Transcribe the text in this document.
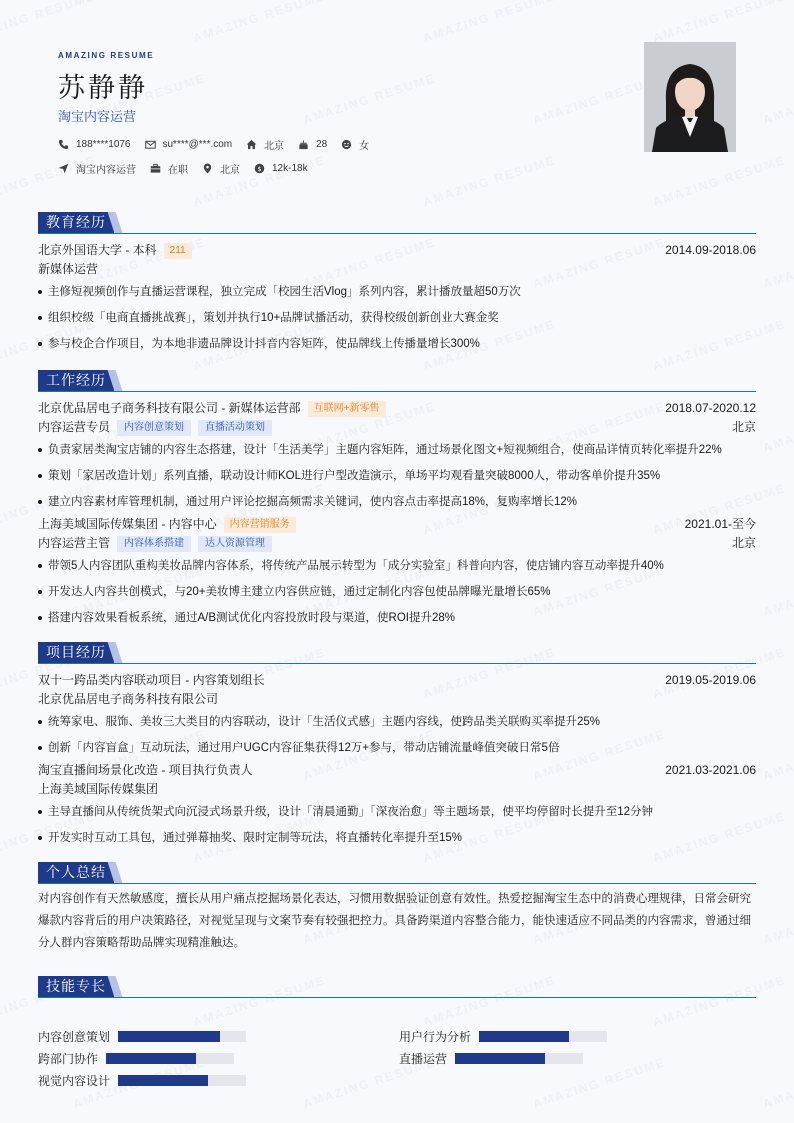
AMAZING RESUME
苏静静
淘宝内容运营
188****1076	su****@***.com	北京	28	女
淘宝内容运营	在职	北京 $ 12k-18k
教育经历
北京外国语大学 - 本科	211	2014.09-2018.06
新媒体运营
主修短视频创作与直播运营课程，独立完成「校园生活Vlog」系列内容，累计播放量超50万次
组织校级「电商直播挑战赛」，策划并执行10+品牌试播活动，获得校级创新创业大赛金奖
参与校企合作项目，为本地非遗品牌设计抖音内容矩阵，使品牌线上传播量增长300%
工作经历
北京优品居电子商务科技有限公司 - 新媒体运营部	互联网+新零售	2018.07-2020.12
内容运营专员	内容创意策划	直播活动策划	北京
负责家居类淘宝店铺的内容生态搭建，设计「生活美学」主题内容矩阵，通过场景化图文+短视频组合，使商品详情页转化率提升22%
策划「家居改造计划」系列直播，联动设计师KOL进行户型改造演示，单场平均观看量突破8000人，带动客单价提升35%
建立内容素材库管理机制，通过用户评论挖掘高频需求关键词，使内容点击率提高18%，复购率增长12%
上海美域国际传媒集团 - 内容中心	内容营销服务	2021.01-至今
内容运营主管	内容体系搭建	达人资源管理	北京
带领5人内容团队重构美妆品牌内容体系，将传统产品展示转型为「成分实验室」科普向内容，使店铺内容互动率提升40%
开发达人内容共创模式，与20+美妆博主建立内容供应链，通过定制化内容包使品牌曝光量增长65%
搭建内容效果看板系统，通过A/B测试优化内容投放时段与渠道，使ROI提升28%
项目经历
双十一跨品类内容联动项目 - 内容策划组长	2019.05-2019.06
北京优品居电子商务科技有限公司
统筹家电、服饰、美妆三大类目的内容联动，设计「生活仪式感」主题内容线，使跨品类关联购买率提升25%
创新「内容盲盒」互动玩法，通过用户UGC内容征集获得12万+参与，带动店铺流量峰值突破日常5倍
淘宝直播间场景化改造 - 项目执行负责人	2021.03-2021.06
上海美域国际传媒集团
主导直播间从传统货架式向沉浸式场景升级，设计「清晨通勤」「深夜治愈」等主题场景，使平均停留时长提升至12分钟
开发实时互动工具包，通过弹幕抽奖、限时定制等玩法，将直播转化率提升至15%
个人总结
对内容创作有天然敏感度，擅长从用户痛点挖掘场景化表达，习惯用数据验证创意有效性。热爱挖掘淘宝生态中的消费心理规律，日常会研究爆款内容背后的用户决策路径，对视觉呈现与文案节奏有较强把控力。具备跨渠道内容整合能力，能快速适应不同品类的内容需求，曾通过细分人群内容策略帮助品牌实现精准触达。
技能专长
内容创意策划	用户行为分析
跨部门协作	直播运营
视觉内容设计
